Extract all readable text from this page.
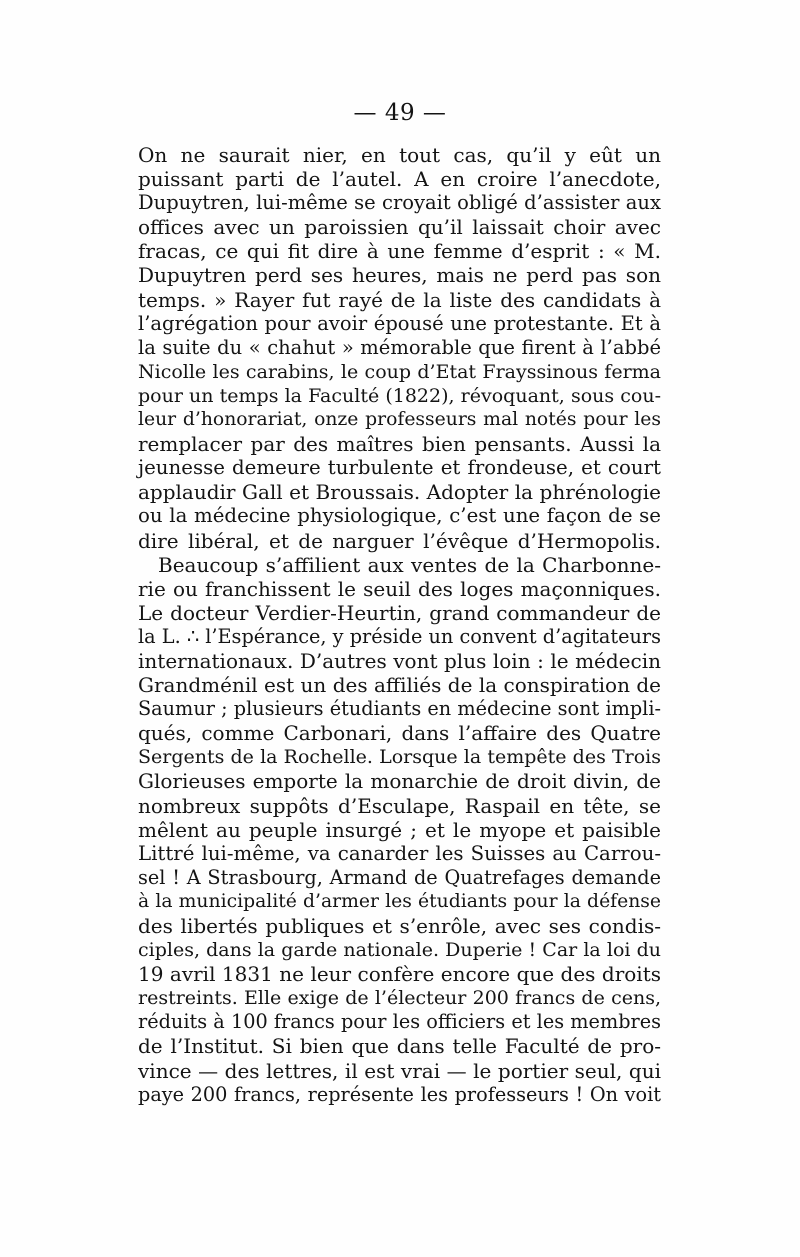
— 49 —
On ne saurait nier, en tout cas, qu’il y eût un
puissant parti de l’autel. A en croire l’anecdote,
Dupuytren, lui-même se croyait obligé d’assister aux
offices avec un paroissien qu’il laissait choir avec
fracas, ce qui fit dire à une femme d’esprit : « M.
Dupuytren perd ses heures, mais ne perd pas son
temps. » Rayer fut rayé de la liste des candidats à
l’agrégation pour avoir épousé une protestante. Et à
la suite du « chahut » mémorable que firent à l’abbé
Nicolle les carabins, le coup d’Etat Frayssinous ferma
pour un temps la Faculté (1822), révoquant, sous cou-
leur d’honorariat, onze professeurs mal notés pour les
remplacer par des maîtres bien pensants. Aussi la
jeunesse demeure turbulente et frondeuse, et court
applaudir Gall et Broussais. Adopter la phrénologie
ou la médecine physiologique, c’est une façon de se
dire libéral, et de narguer l’évêque d’Hermopolis.
Beaucoup s’affilient aux ventes de la Charbonne-
rie ou franchissent le seuil des loges maçonniques.
Le docteur Verdier-Heurtin, grand commandeur de
la L. ∴ l’Espérance, y préside un convent d’agitateurs
internationaux. D’autres vont plus loin : le médecin
Grandménil est un des affiliés de la conspiration de
Saumur ; plusieurs étudiants en médecine sont impli-
qués, comme Carbonari, dans l’affaire des Quatre
Sergents de la Rochelle. Lorsque la tempête des Trois
Glorieuses emporte la monarchie de droit divin, de
nombreux suppôts d’Esculape, Raspail en tête, se
mêlent au peuple insurgé ; et le myope et paisible
Littré lui-même, va canarder les Suisses au Carrou-
sel ! A Strasbourg, Armand de Quatrefages demande
à la municipalité d’armer les étudiants pour la défense
des libertés publiques et s’enrôle, avec ses condis-
ciples, dans la garde nationale. Duperie ! Car la loi du
19 avril 1831 ne leur confère encore que des droits
restreints. Elle exige de l’électeur 200 francs de cens,
réduits à 100 francs pour les officiers et les membres
de l’Institut. Si bien que dans telle Faculté de pro-
vince — des lettres, il est vrai — le portier seul, qui
paye 200 francs, représente les professeurs ! On voit
